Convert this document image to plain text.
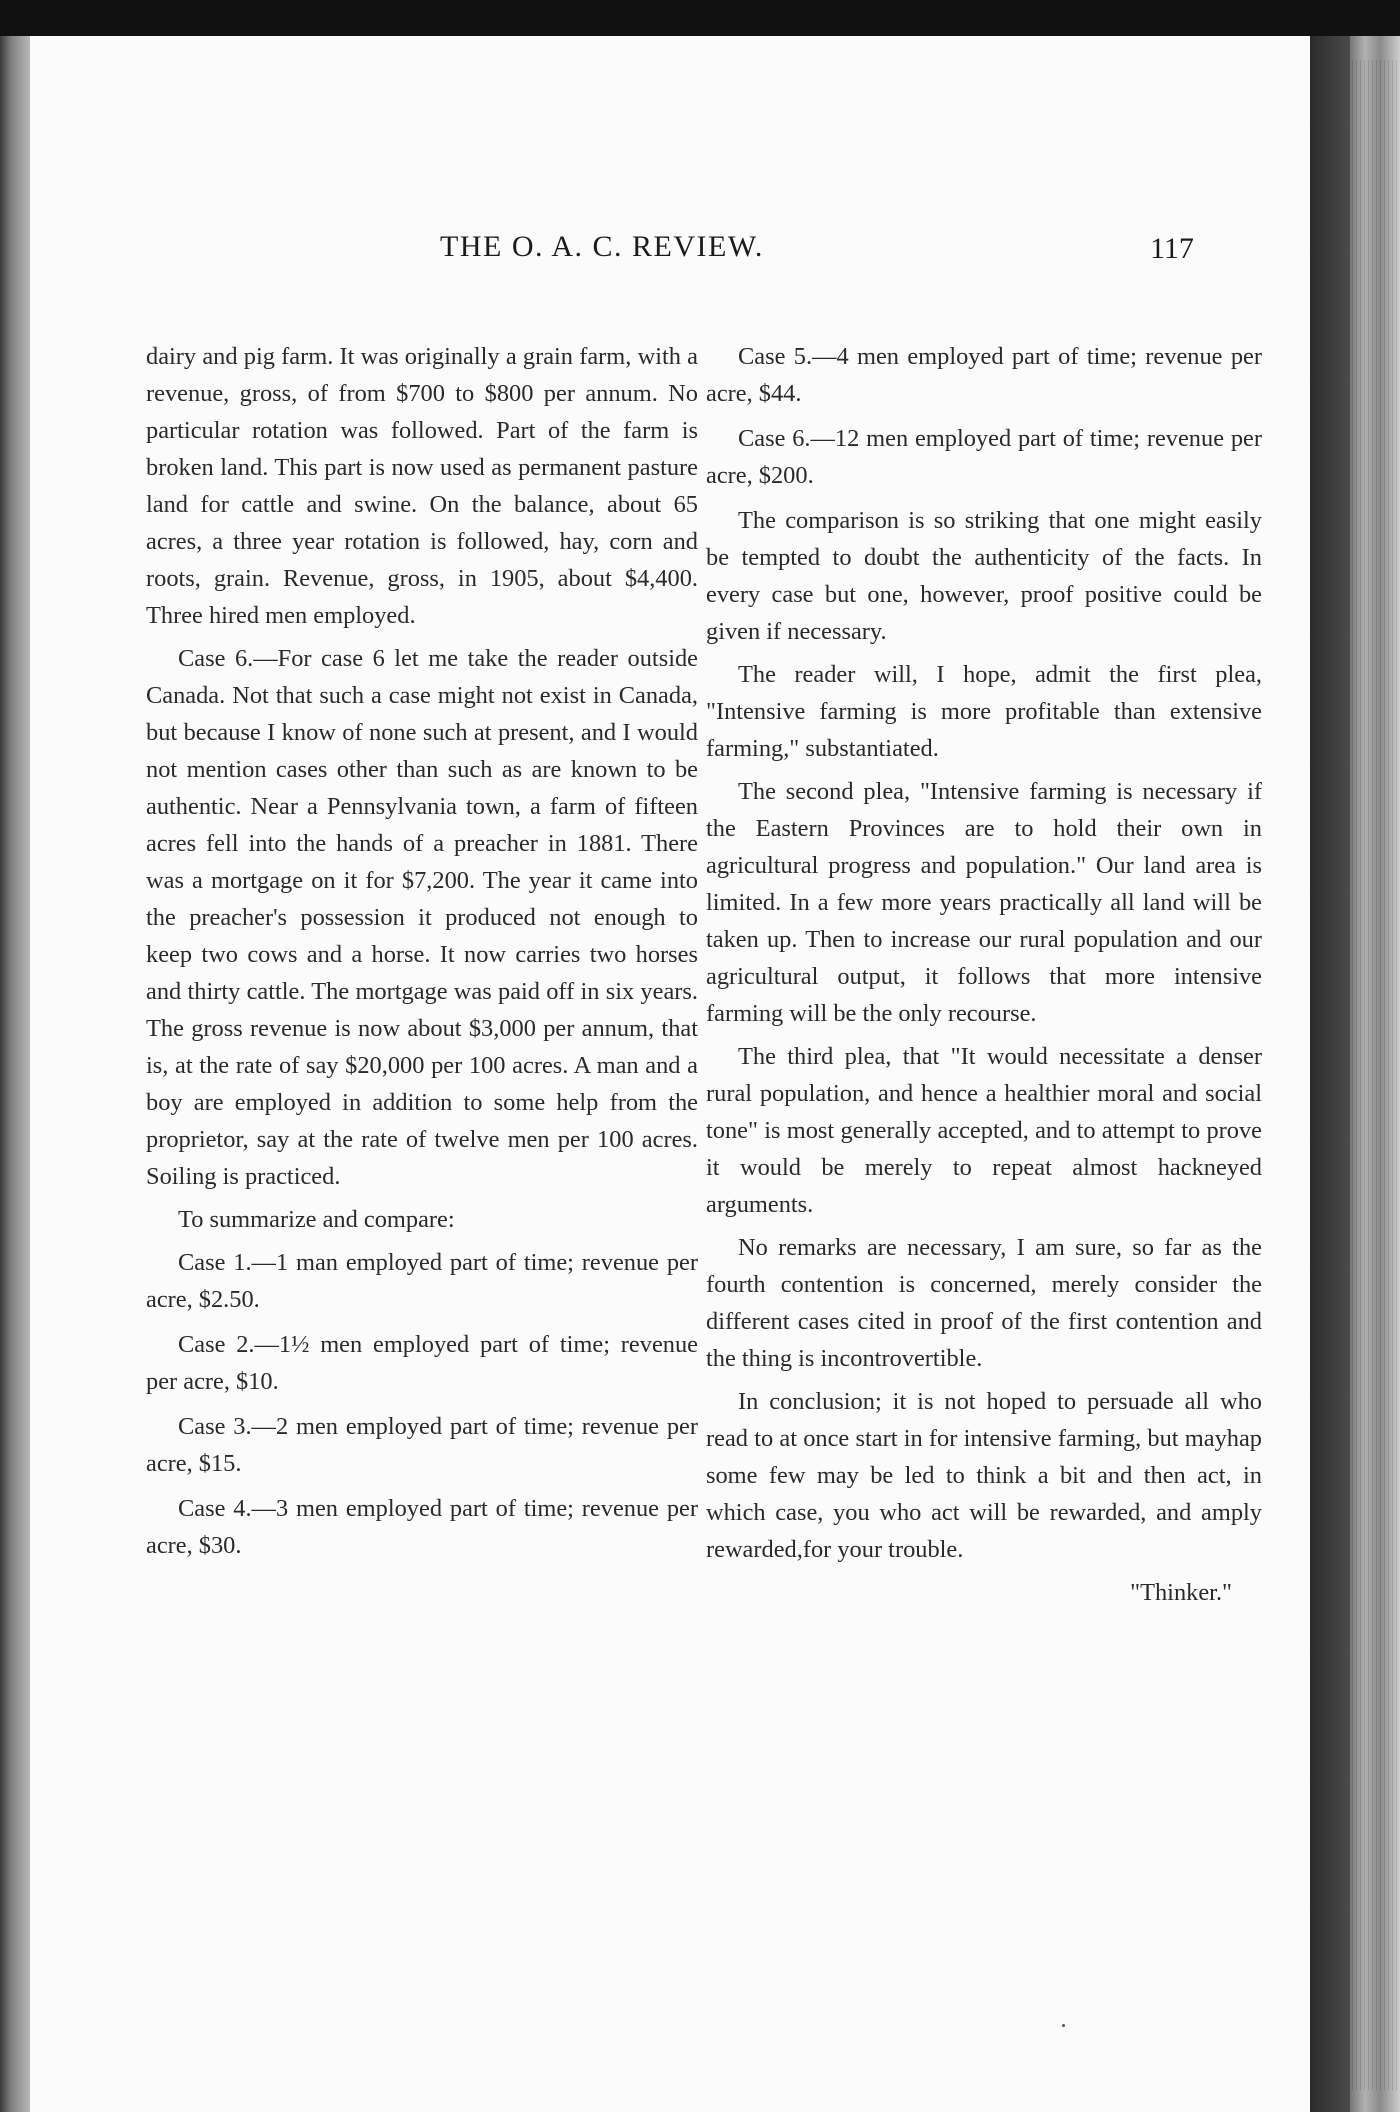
THE O. A. C. REVIEW.	117

dairy and pig farm. It was originally a grain farm, with a revenue, gross, of from $700 to $800 per annum. No particular rotation was followed. Part of the farm is broken land. This part is now used as permanent pasture land for cattle and swine. On the balance, about 65 acres, a three year rotation is followed, hay, corn and roots, grain. Revenue, gross, in 1905, about $4,400. Three hired men employed.

Case 6.—For case 6 let me take the reader outside Canada. Not that such a case might not exist in Canada, but because I know of none such at present, and I would not mention cases other than such as are known to be authentic. Near a Pennsylvania town, a farm of fifteen acres fell into the hands of a preacher in 1881. There was a mortgage on it for $7,200. The year it came into the preacher's possession it produced not enough to keep two cows and a horse. It now carries two horses and thirty cattle. The mortgage was paid off in six years. The gross revenue is now about $3,000 per annum, that is, at the rate of say $20,000 per 100 acres. A man and a boy are employed in addition to some help from the proprietor, say at the rate of twelve men per 100 acres. Soiling is practiced.

To summarize and compare:

Case 1.—1 man employed part of time; revenue per acre, $2.50.

Case 2.—1½ men employed part of time; revenue per acre, $10.

Case 3.—2 men employed part of time; revenue per acre, $15.

Case 4.—3 men employed part of time; revenue per acre, $30.

Case 5.—4 men employed part of time; revenue per acre, $44.

Case 6.—12 men employed part of time; revenue per acre, $200.

The comparison is so striking that one might easily be tempted to doubt the authenticity of the facts. In every case but one, however, proof positive could be given if necessary.

The reader will, I hope, admit the first plea, "Intensive farming is more profitable than extensive farming," substantiated.

The second plea, "Intensive farming is necessary if the Eastern Provinces are to hold their own in agricultural progress and population." Our land area is limited. In a few more years practically all land will be taken up. Then to increase our rural population and our agricultural output, it follows that more intensive farming will be the only recourse.

The third plea, that "It would necessitate a denser rural population, and hence a healthier moral and social tone" is most generally accepted, and to attempt to prove it would be merely to repeat almost hackneyed arguments.

No remarks are necessary, I am sure, so far as the fourth contention is concerned, merely consider the different cases cited in proof of the first contention and the thing is incontrovertible.

In conclusion; it is not hoped to persuade all who read to at once start in for intensive farming, but mayhap some few may be led to think a bit and then act, in which case, you who act will be rewarded, and amply rewarded,for your trouble.

"Thinker."
